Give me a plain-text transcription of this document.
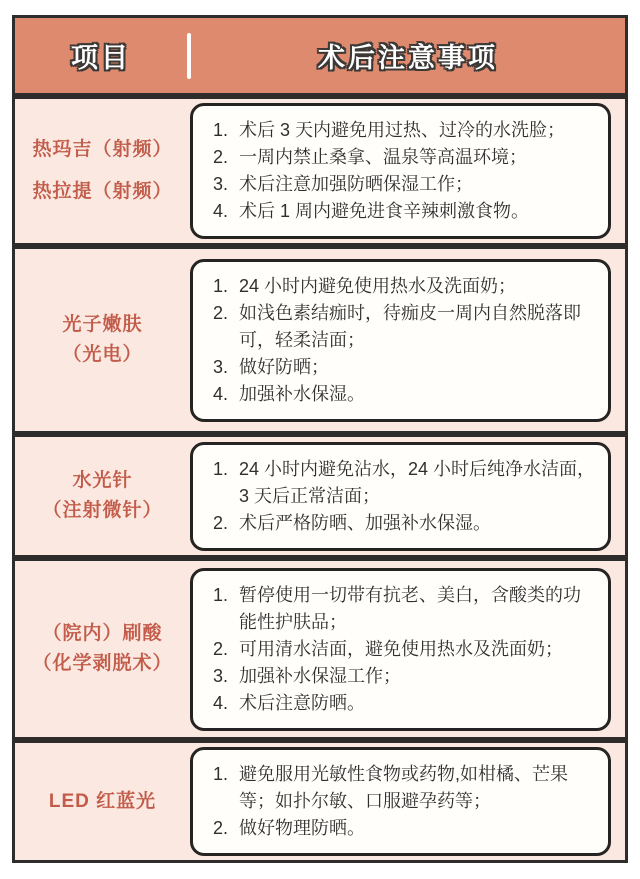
项目	术后注意事项
热玛吉（射频）
热拉提（射频）
1. 术后 3 天内避免用过热、过冷的水洗脸；
2. 一周内禁止桑拿、温泉等高温环境；
3. 术后注意加强防晒保湿工作；
4. 术后 1 周内避免进食辛辣刺激食物。
光子嫩肤
（光电）
1. 24 小时内避免使用热水及洗面奶；
2. 如浅色素结痂时，待痂皮一周内自然脱落即可，轻柔洁面；
3. 做好防晒；
4. 加强补水保湿。
水光针
（注射微针）
1. 24 小时内避免沾水，24 小时后纯净水洁面，3 天后正常洁面；
2. 术后严格防晒、加强补水保湿。
（院内）刷酸
（化学剥脱术）
1. 暂停使用一切带有抗老、美白，含酸类的功能性护肤品；
2. 可用清水洁面，避免使用热水及洗面奶；
3. 加强补水保湿工作；
4. 术后注意防晒。
LED 红蓝光
1. 避免服用光敏性食物或药物,如柑橘、芒果等；如扑尔敏、口服避孕药等；
2. 做好物理防晒。
